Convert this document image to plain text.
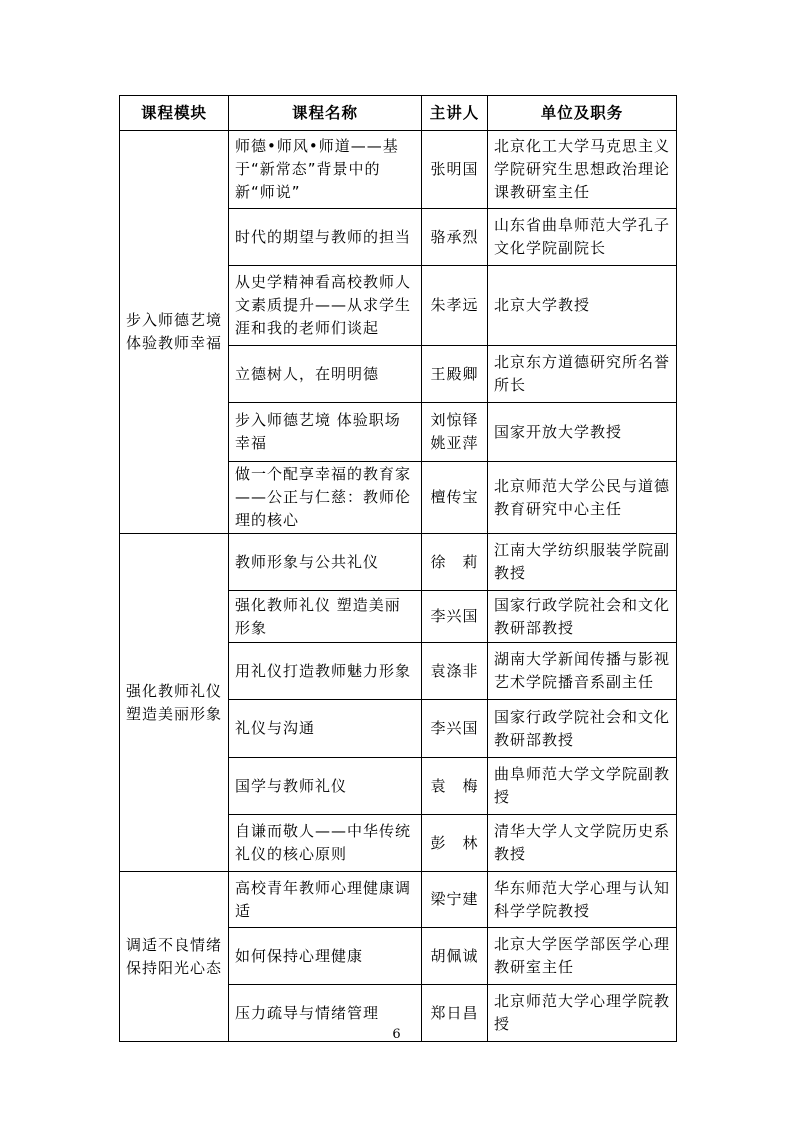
课程模块	课程名称	主讲人	单位及职务
步入师德艺境体验教师幸福	师德•师风•师道——基于“新常态”背景中的新“师说”	张明国	北京化工大学马克思主义学院研究生思想政治理论课教研室主任
	时代的期望与教师的担当	骆承烈	山东省曲阜师范大学孔子文化学院副院长
	从史学精神看高校教师人文素质提升——从求学生涯和我的老师们谈起	朱孝远	北京大学教授
	立德树人，在明明德	王殿卿	北京东方道德研究所名誉所长
	步入师德艺境 体验职场幸福	刘惊铎姚亚萍	国家开放大学教授
	做一个配享幸福的教育家——公正与仁慈：教师伦理的核心	檀传宝	北京师范大学公民与道德教育研究中心主任
强化教师礼仪塑造美丽形象	教师形象与公共礼仪	徐　莉	江南大学纺织服装学院副教授
	强化教师礼仪 塑造美丽形象	李兴国	国家行政学院社会和文化教研部教授
	用礼仪打造教师魅力形象	袁涤非	湖南大学新闻传播与影视艺术学院播音系副主任
	礼仪与沟通	李兴国	国家行政学院社会和文化教研部教授
	国学与教师礼仪	袁　梅	曲阜师范大学文学院副教授
	自谦而敬人——中华传统礼仪的核心原则	彭　林	清华大学人文学院历史系教授
调适不良情绪保持阳光心态	高校青年教师心理健康调适	梁宁建	华东师范大学心理与认知科学学院教授
	如何保持心理健康	胡佩诚	北京大学医学部医学心理教研室主任
	压力疏导与情绪管理	郑日昌	北京师范大学心理学院教授
6
